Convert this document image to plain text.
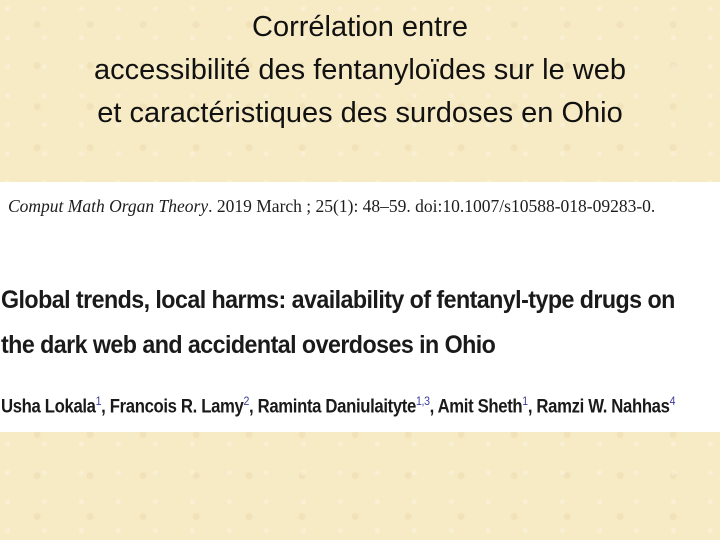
Corrélation entre
accessibilité des fentanyloïdes sur le web
et caractéristiques des surdoses en Ohio
Comput Math Organ Theory. 2019 March ; 25(1): 48–59. doi:10.1007/s10588-018-09283-0.
Global trends, local harms: availability of fentanyl-type drugs on
the dark web and accidental overdoses in Ohio
Usha Lokala$^1$, Francois R. Lamy$^2$, Raminta Daniulaityte$^{1,3}$, Amit Sheth$^1$, Ramzi W. Nahhas$^4$
